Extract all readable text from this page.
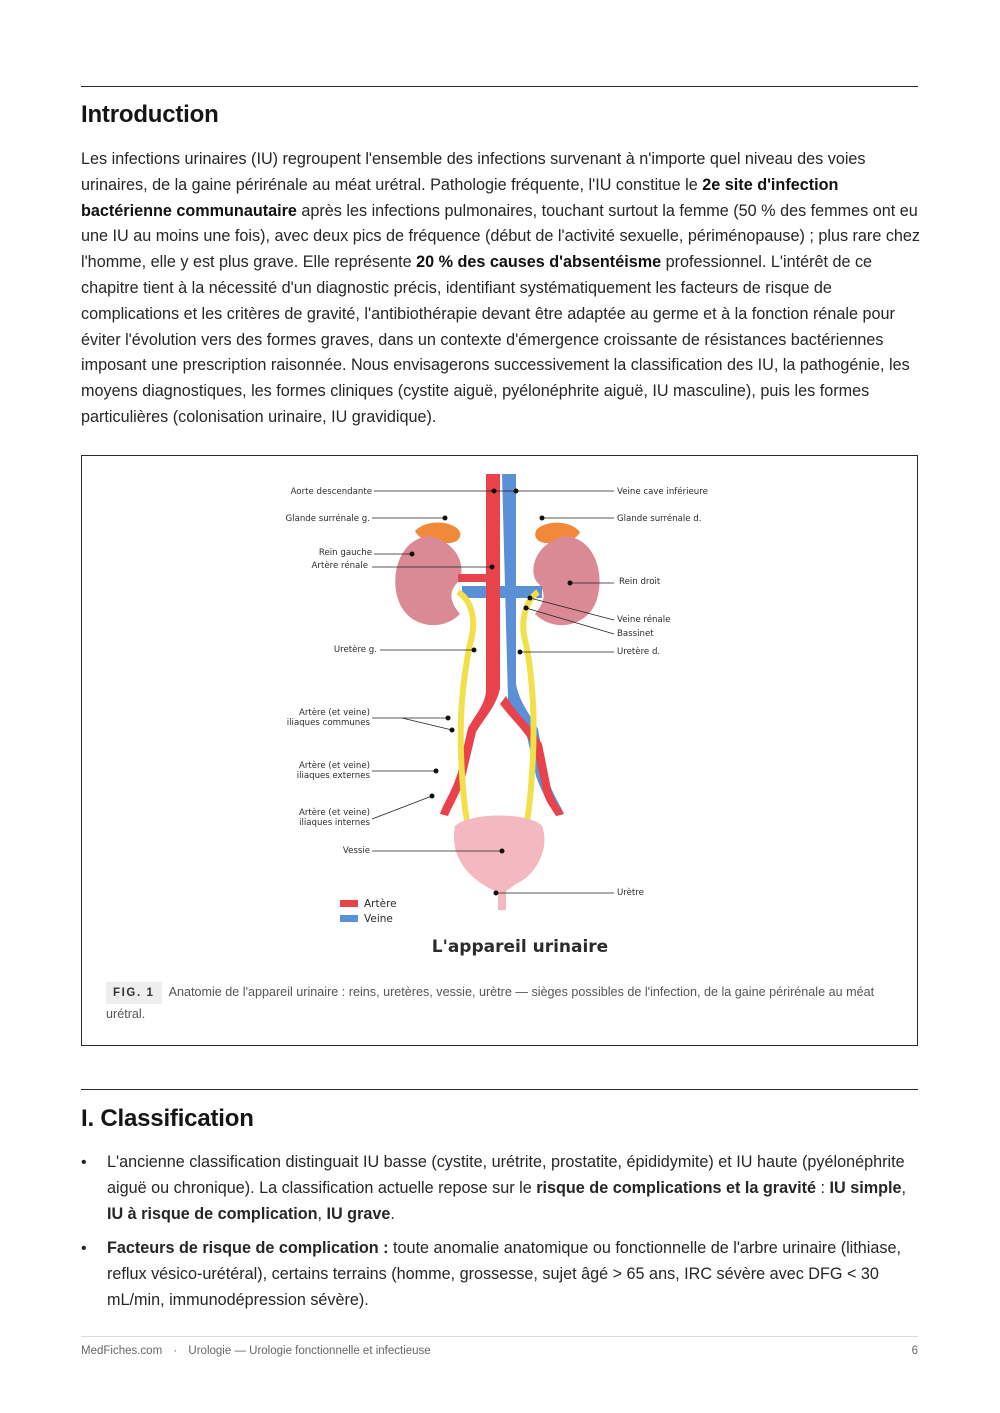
Introduction

Les infections urinaires (IU) regroupent l'ensemble des infections survenant à n'importe quel niveau des voies urinaires, de la gaine périrénale au méat urétral. Pathologie fréquente, l'IU constitue le 2e site d'infection bactérienne communautaire après les infections pulmonaires, touchant surtout la femme (50 % des femmes ont eu une IU au moins une fois), avec deux pics de fréquence (début de l'activité sexuelle, périménopause) ; plus rare chez l'homme, elle y est plus grave. Elle représente 20 % des causes d'absentéisme professionnel. L'intérêt de ce chapitre tient à la nécessité d'un diagnostic précis, identifiant systématiquement les facteurs de risque de complications et les critères de gravité, l'antibiothérapie devant être adaptée au germe et à la fonction rénale pour éviter l'évolution vers des formes graves, dans un contexte d'émergence croissante de résistances bactériennes imposant une prescription raisonnée. Nous envisagerons successivement la classification des IU, la pathogénie, les moyens diagnostiques, les formes cliniques (cystite aiguë, pyélonéphrite aiguë, IU masculine), puis les formes particulières (colonisation urinaire, IU gravidique).

Aorte descendante
Glande surrénale g.
Rein gauche
Artère rénale
Uretère g.
Artère (et veine)
iliaques communes
Artère (et veine)
iliaques externes
Artère (et veine)
iliaques internes
Vessie
Veine cave inférieure
Glande surrénale d.
Rein droit
Veine rénale
Bassinet
Uretère d.
Urètre
Artère
Veine
L'appareil urinaire
FIG. 1 Anatomie de l'appareil urinaire : reins, uretères, vessie, urètre — sièges possibles de l'infection, de la gaine périrénale au méat urétral.
I. Classification
• L'ancienne classification distinguait IU basse (cystite, urétrite, prostatite, épididymite) et IU haute (pyélonéphrite aiguë ou chronique). La classification actuelle repose sur le risque de complications et la gravité : IU simple, IU à risque de complication, IU grave.
• Facteurs de risque de complication : toute anomalie anatomique ou fonctionnelle de l'arbre urinaire (lithiase, reflux vésico-urétéral), certains terrains (homme, grossesse, sujet âgé > 65 ans, IRC sévère avec DFG < 30 mL/min, immunodépression sévère).
MedFiches.com · Urologie — Urologie fonctionnelle et infectieuse	6
